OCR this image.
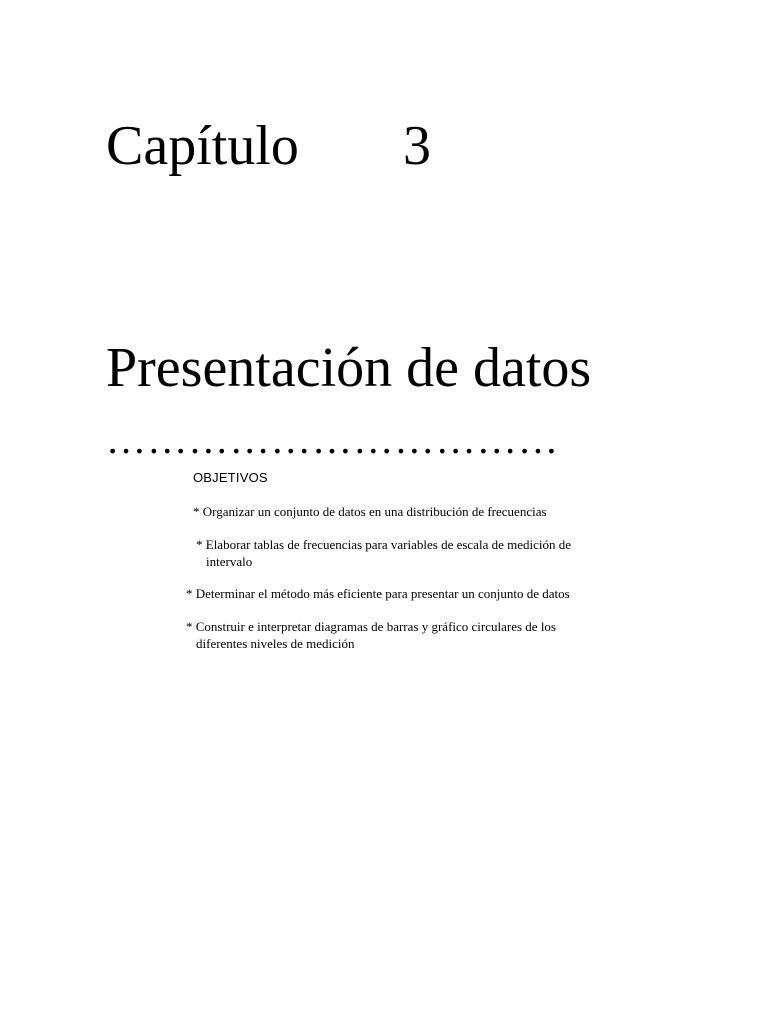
Capítulo 3
Presentación de datos
……………………………
OBJETIVOS
* Organizar un conjunto de datos en una distribución de frecuencias
* Elaborar tablas de frecuencias para variables de escala de medición de
intervalo
* Determinar el método más eficiente para presentar un conjunto de datos
* Construir e interpretar diagramas de barras y gráfico circulares de los
diferentes niveles de medición
